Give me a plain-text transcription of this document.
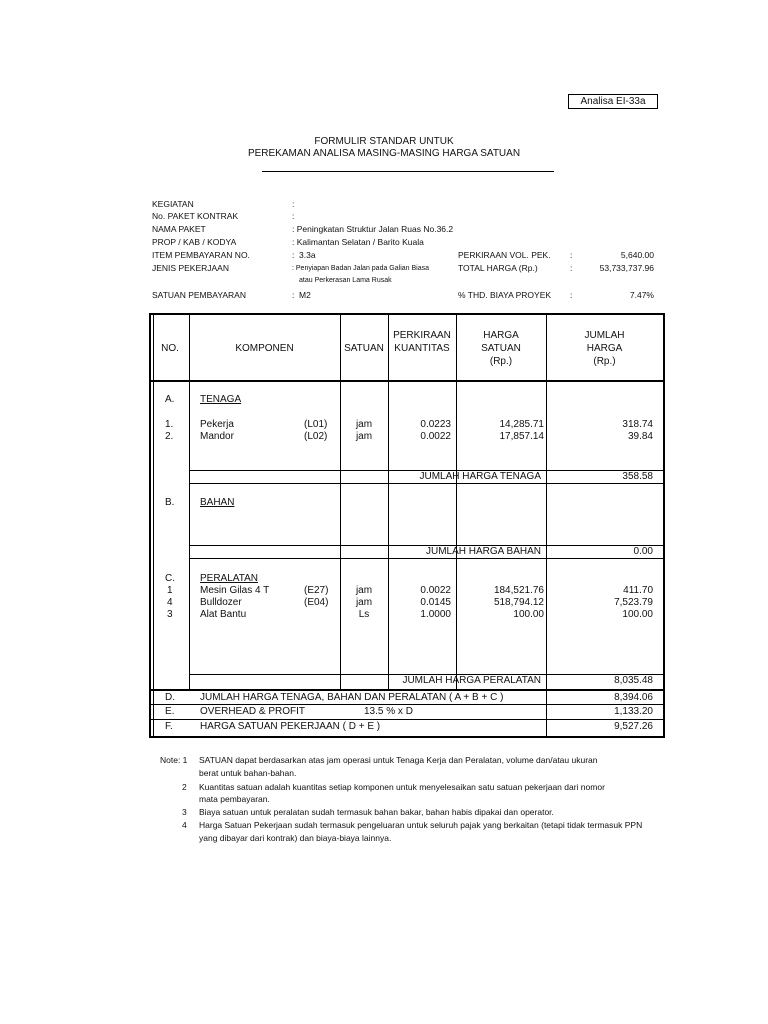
Analisa EI-33a
FORMULIR STANDAR UNTUK
PEREKAMAN ANALISA MASING-MASING HARGA SATUAN
KEGIATAN	:
No. PAKET KONTRAK	:
NAMA PAKET	: Peningkatan Struktur Jalan Ruas No.36.2
PROP / KAB / KODYA	: Kalimantan Selatan / Barito Kuala
ITEM PEMBAYARAN NO.	: 3.3a
JENIS PEKERJAAN	: Penyiapan Badan Jalan pada Galian Biasa
atau Perkerasan Lama Rusak
SATUAN PEMBAYARAN	: M2
PERKIRAAN VOL. PEK. :	5,640.00
TOTAL HARGA (Rp.)	:	53,733,737.96
% THD. BIAYA PROYEK :	7.47%
NO.	KOMPONEN	SATUAN
PERKIRAAN
KUANTITAS
HARGA
SATUAN
(Rp.)
JUMLAH
HARGA
(Rp.)
A.	TENAGA
1.	Pekerja	(L01)	jam	0.0223	14,285.71	318.74
2.	Mandor	(L02)	jam	0.0022	17,857.14	39.84
JUMLAH HARGA TENAGA	358.58
B.	BAHAN
JUMLAH HARGA BAHAN	0.00
C.	PERALATAN
1	Mesin Gilas 4 T	(E27)	jam	0.0022	184,521.76	411.70
4	Bulldozer	(E04)	jam	0.0145	518,794.12	7,523.79
3	Alat Bantu	Ls	1.0000	100.00	100.00
JUMLAH HARGA PERALATAN	8,035.48
D.	JUMLAH HARGA TENAGA, BAHAN DAN PERALATAN ( A + B + C )	8,394.06
E.	OVERHEAD & PROFIT	13.5 % x D	1,133.20
F.	HARGA SATUAN PEKERJAAN ( D + E )	9,527.26
Note: 1 SATUAN dapat berdasarkan atas jam operasi untuk Tenaga Kerja dan Peralatan, volume dan/atau ukuran
berat untuk bahan-bahan.
2 Kuantitas satuan adalah kuantitas setiap komponen untuk menyelesaikan satu satuan pekerjaan dari nomor
mata pembayaran.
3 Biaya satuan untuk peralatan sudah termasuk bahan bakar, bahan habis dipakai dan operator.
4 Harga Satuan Pekerjaan sudah termasuk pengeluaran untuk seluruh pajak yang berkaitan (tetapi tidak termasuk PPN
yang dibayar dari kontrak) dan biaya-biaya lainnya.
